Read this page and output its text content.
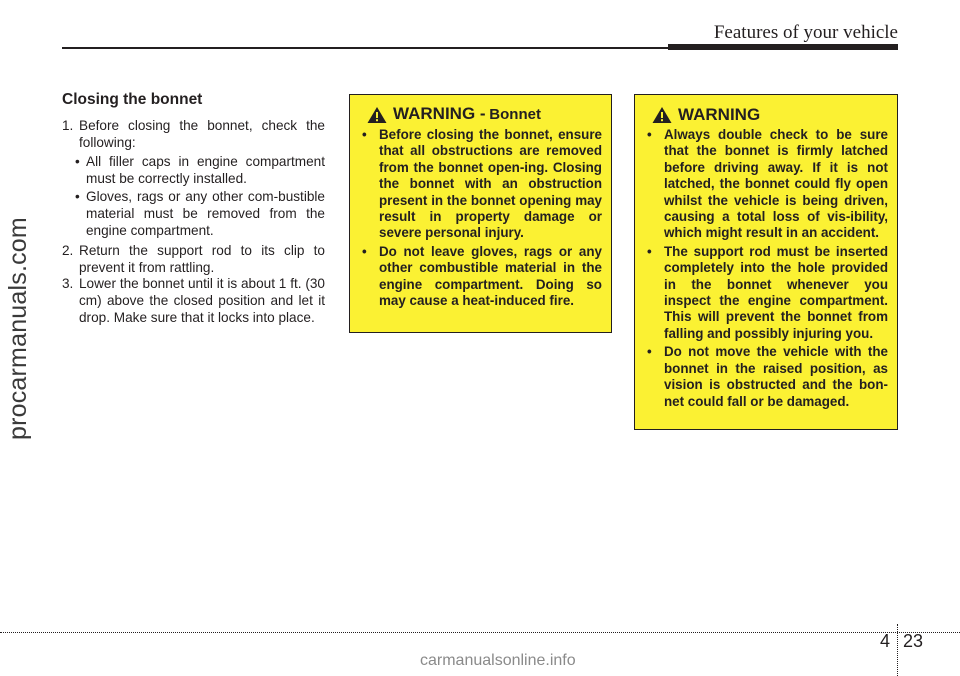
Features of your vehicle
procarmanuals.com
Closing the bonnet
1. Before closing the bonnet, check the following:
• All filler caps in engine compartment must be correctly installed.
• Gloves, rags or any other com-bustible material must be removed from the engine compartment.
2. Return the support rod to its clip to prevent it from rattling.
3. Lower the bonnet until it is about 1 ft. (30 cm) above the closed position and let it drop. Make sure that it locks into place.
WARNING - Bonnet
• Before closing the bonnet, ensure that all obstructions are removed from the bonnet open-ing. Closing the bonnet with an obstruction present in the bonnet opening may result in property damage or severe personal injury.
• Do not leave gloves, rags or any other combustible material in the engine compartment. Doing so may cause a heat-induced fire.
WARNING
• Always double check to be sure that the bonnet is firmly latched before driving away. If it is not latched, the bonnet could fly open whilst the vehicle is being driven, causing a total loss of vis-ibility, which might result in an accident.
• The support rod must be inserted completely into the hole provided in the bonnet whenever you inspect the engine compartment. This will prevent the bonnet from falling and possibly injuring you.
• Do not move the vehicle with the bonnet in the raised position, as vision is obstructed and the bon-net could fall or be damaged.
4 23
carmanualsonline.info
